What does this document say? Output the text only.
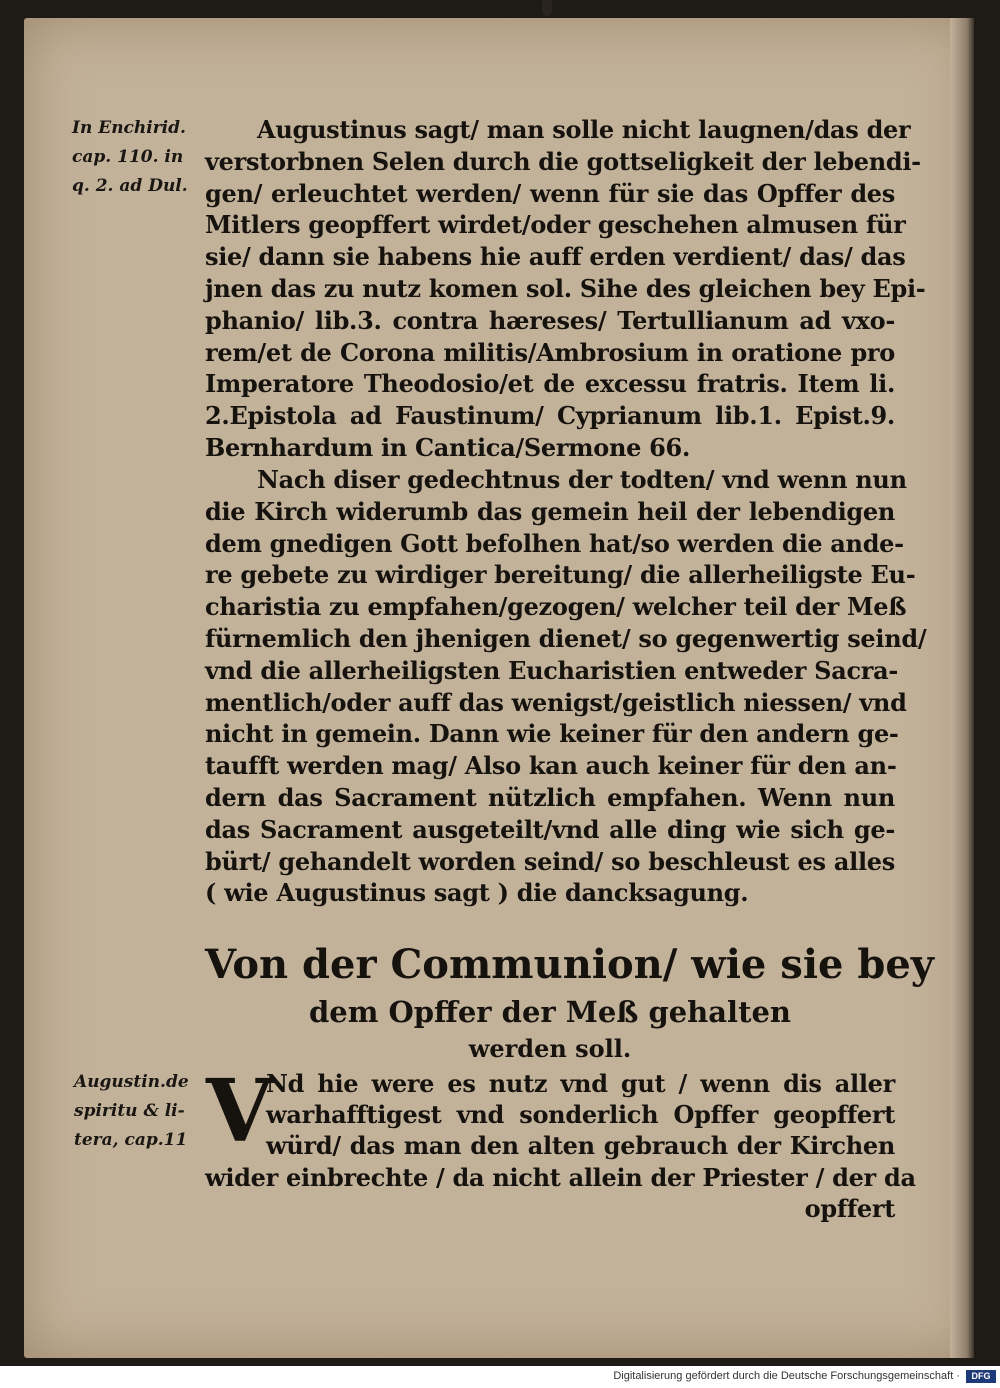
In Enchirid.
cap. 110. in
q. 2. ad Dul.
Augustinus sagt/ man solle nicht laugnen/das der
verstorbnen Selen durch die gottseligkeit der lebendi-
gen/ erleuchtet werden/ wenn für sie das Opffer des
Mitlers geopffert wirdet/oder geschehen almusen für
sie/ dann sie habens hie auff erden verdient/ das/ das
jnen das zu nutz komen sol. Sihe des gleichen bey Epi-
phanio/ lib.3. contra hæreses/ Tertullianum ad vxo-
rem/et de Corona militis/Ambrosium in oratione pro
Imperatore Theodosio/et de excessu fratris. Item li.
2.Epistola ad Faustinum/ Cyprianum lib.1. Epist.9.
Bernhardum in Cantica/Sermone 66.
Nach diser gedechtnus der todten/ vnd wenn nun
die Kirch widerumb das gemein heil der lebendigen
dem gnedigen Gott befolhen hat/so werden die ande-
re gebete zu wirdiger bereitung/ die allerheiligste Eu-
charistia zu empfahen/gezogen/ welcher teil der Meß
fürnemlich den jhenigen dienet/ so gegenwertig seind/
vnd die allerheiligsten Eucharistien entweder Sacra-
mentlich/oder auff das wenigst/geistlich niessen/ vnd
nicht in gemein. Dann wie keiner für den andern ge-
taufft werden mag/ Also kan auch keiner für den an-
dern das Sacrament nützlich empfahen. Wenn nun
das Sacrament ausgeteilt/vnd alle ding wie sich ge-
bürt/ gehandelt worden seind/ so beschleust es alles
( wie Augustinus sagt ) die dancksagung.
Von der Communion/ wie sie bey
dem Opffer der Meß gehalten
werden soll.
Augustin.de
spiritu & li-
tera, cap.11 V
Nd hie were es nutz vnd gut / wenn dis aller
warhafftigest vnd sonderlich Opffer geopffert
würd/ das man den alten gebrauch der Kirchen
wider einbrechte / da nicht allein der Priester / der da
opffert
Digitalisierung gefördert durch die Deutsche Forschungsgemeinschaft ·	DFG
